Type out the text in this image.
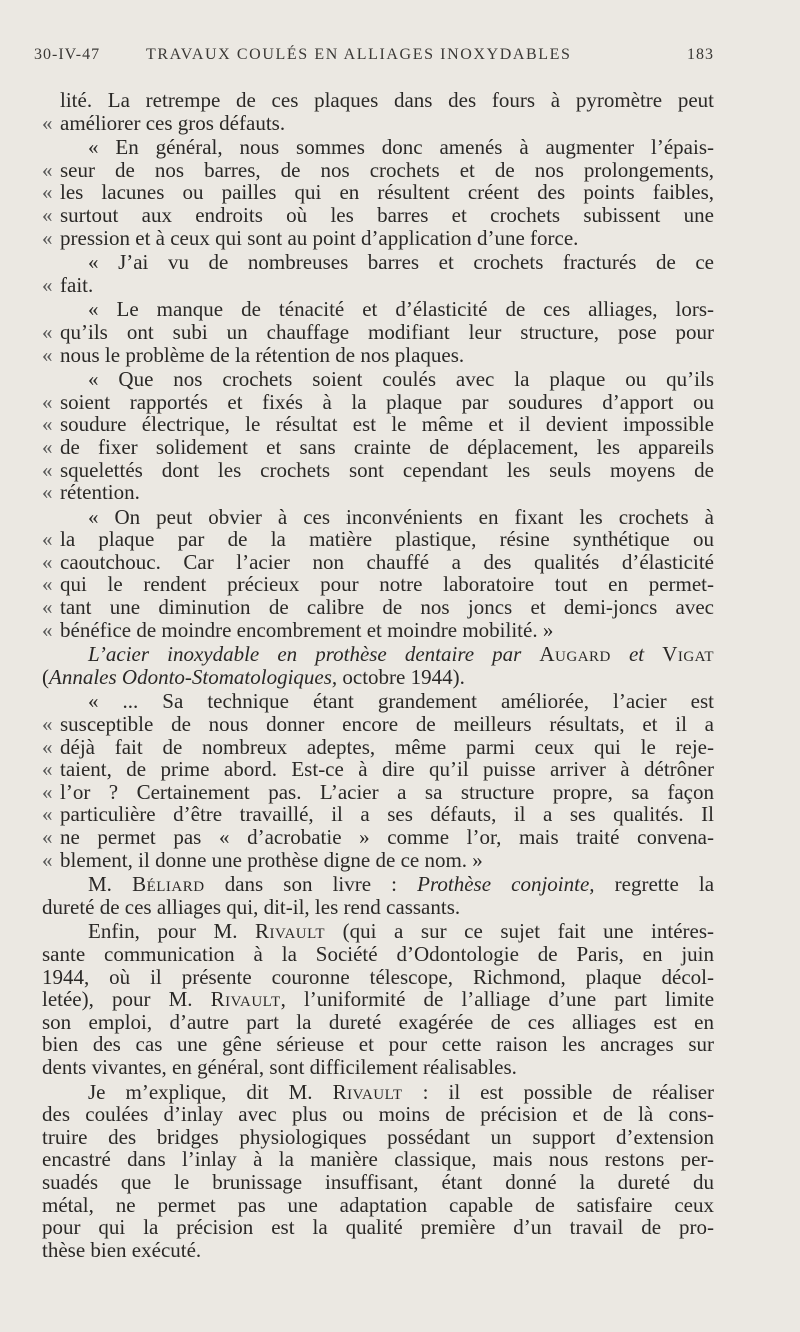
30-IV-47	TRAVAUX COULÉS EN ALLIAGES INOXYDABLES	183
lité. La retrempe de ces plaques dans des fours à pyromètre peut
« améliorer ces gros défauts.
« En général, nous sommes donc amenés à augmenter l’épais-
« seur de nos barres, de nos crochets et de nos prolongements,
« les lacunes ou pailles qui en résultent créent des points faibles,
« surtout aux endroits où les barres et crochets subissent une
« pression et à ceux qui sont au point d’application d’une force.
« J’ai vu de nombreuses barres et crochets fracturés de ce
« fait.
« Le manque de ténacité et d’élasticité de ces alliages, lors-
« qu’ils ont subi un chauffage modifiant leur structure, pose pour
« nous le problème de la rétention de nos plaques.
« Que nos crochets soient coulés avec la plaque ou qu’ils
« soient rapportés et fixés à la plaque par soudures d’apport ou
« soudure électrique, le résultat est le même et il devient impossible
« de fixer solidement et sans crainte de déplacement, les appareils
« squelettés dont les crochets sont cependant les seuls moyens de
« rétention.
« On peut obvier à ces inconvénients en fixant les crochets à
« la plaque par de la matière plastique, résine synthétique ou
« caoutchouc. Car l’acier non chauffé a des qualités d’élasticité
« qui le rendent précieux pour notre laboratoire tout en permet-
« tant une diminution de calibre de nos joncs et demi-joncs avec
« bénéfice de moindre encombrement et moindre mobilité. »
L’acier inoxydable en prothèse dentaire par Augard et Vigat
(Annales Odonto-Stomatologiques, octobre 1944).
« ... Sa technique étant grandement améliorée, l’acier est
« susceptible de nous donner encore de meilleurs résultats, et il a
« déjà fait de nombreux adeptes, même parmi ceux qui le reje-
« taient, de prime abord. Est-ce à dire qu’il puisse arriver à détrôner
« l’or ? Certainement pas. L’acier a sa structure propre, sa façon
« particulière d’être travaillé, il a ses défauts, il a ses qualités. Il
« ne permet pas « d’acrobatie » comme l’or, mais traité convena-
« blement, il donne une prothèse digne de ce nom. »
M. Béliard dans son livre : Prothèse conjointe, regrette la
dureté de ces alliages qui, dit-il, les rend cassants.
Enfin, pour M. Rivault (qui a sur ce sujet fait une intéres-
sante communication à la Société d’Odontologie de Paris, en juin
1944, où il présente couronne télescope, Richmond, plaque décol-
letée), pour M. Rivault, l’uniformité de l’alliage d’une part limite
son emploi, d’autre part la dureté exagérée de ces alliages est en
bien des cas une gêne sérieuse et pour cette raison les ancrages sur
dents vivantes, en général, sont difficilement réalisables.
Je m’explique, dit M. Rivault : il est possible de réaliser
des coulées d’inlay avec plus ou moins de précision et de là cons-
truire des bridges physiologiques possédant un support d’extension
encastré dans l’inlay à la manière classique, mais nous restons per-
suadés que le brunissage insuffisant, étant donné la dureté du
métal, ne permet pas une adaptation capable de satisfaire ceux
pour qui la précision est la qualité première d’un travail de pro-
thèse bien exécuté.
